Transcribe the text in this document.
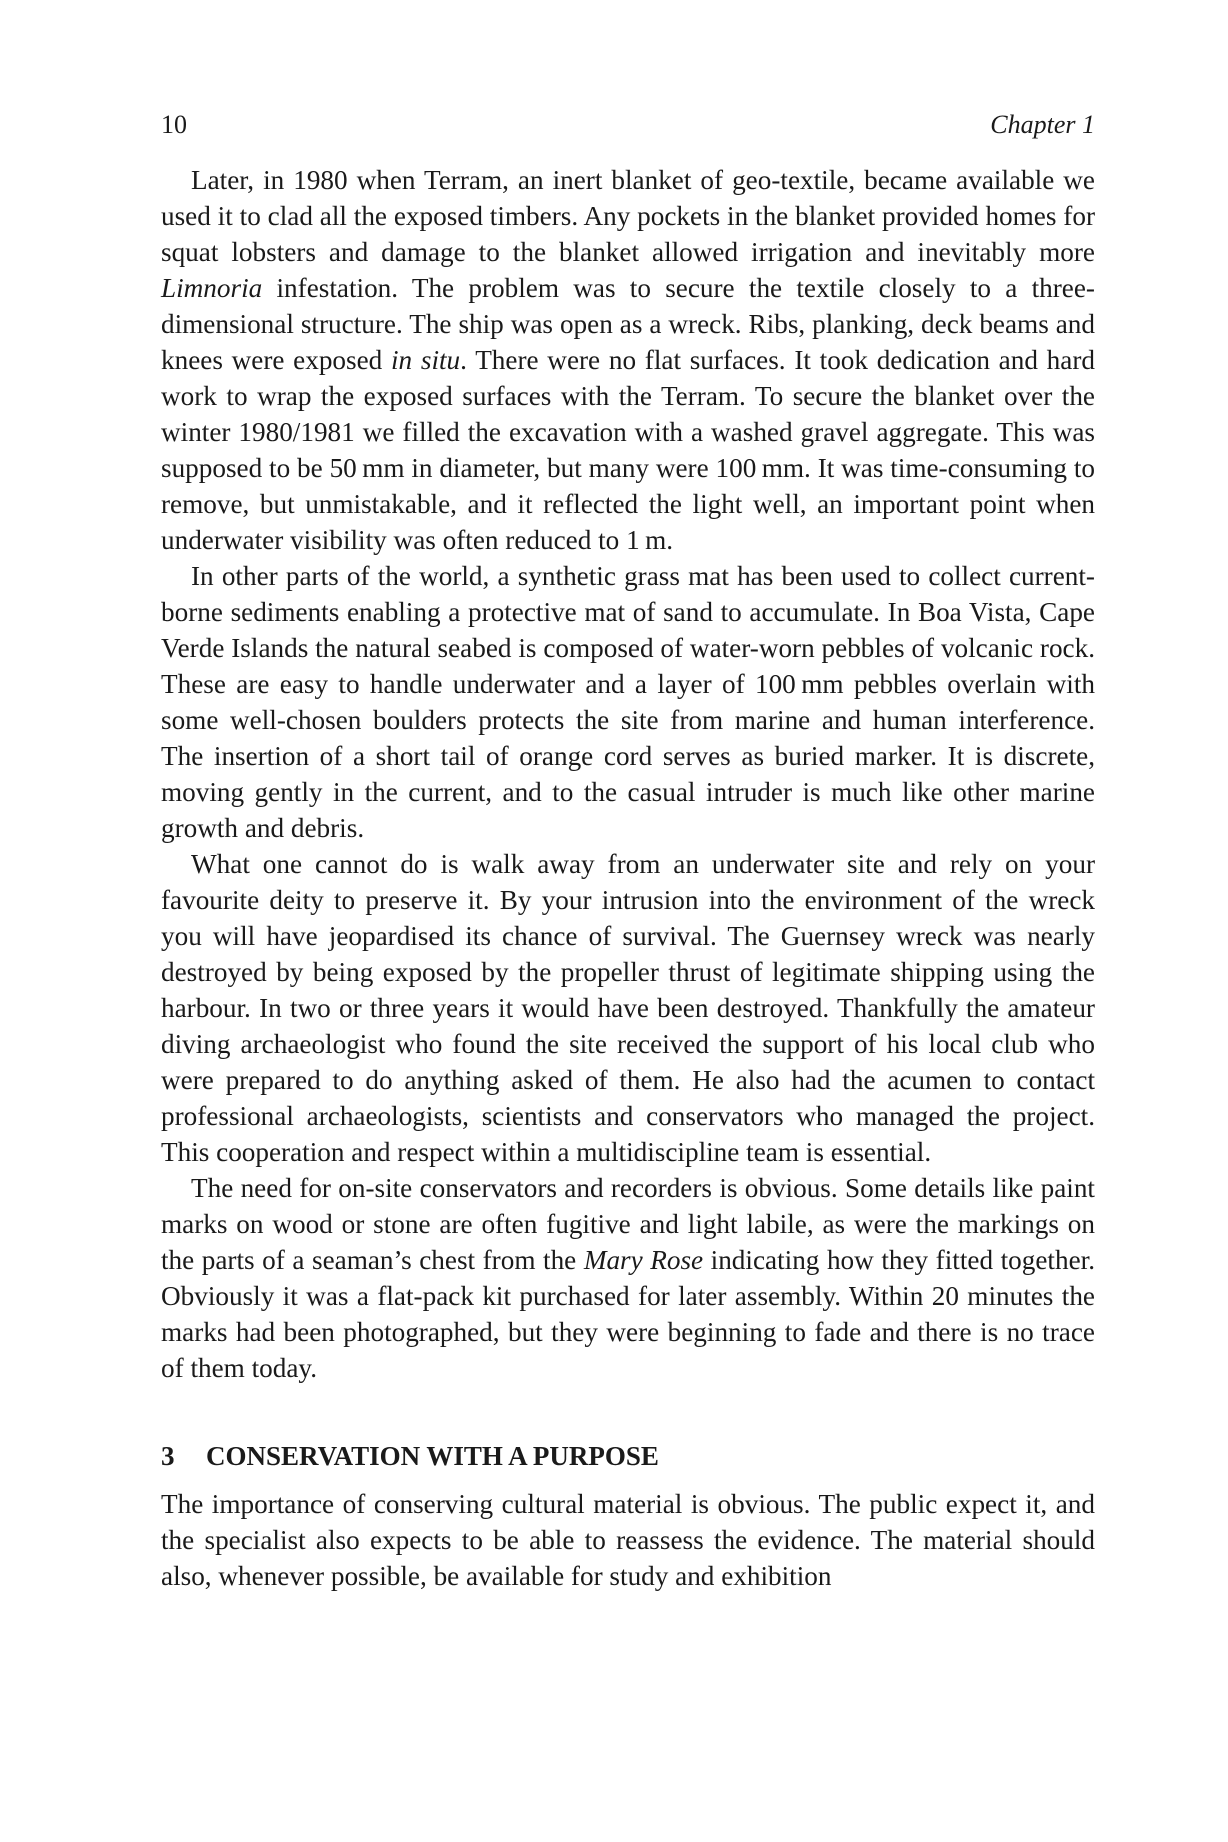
10	Chapter 1

Later, in 1980 when Terram, an inert blanket of geo-textile, became available we used it to clad all the exposed timbers. Any pockets in the blanket provided homes for squat lobsters and damage to the blanket allowed irrigation and inevitably more Limnoria infestation. The problem was to secure the textile closely to a three-dimensional structure. The ship was open as a wreck. Ribs, planking, deck beams and knees were exposed in situ. There were no flat surfaces. It took dedication and hard work to wrap the exposed surfaces with the Terram. To secure the blanket over the winter 1980/1981 we filled the excavation with a washed gravel aggregate. This was supposed to be 50 mm in diameter, but many were 100 mm. It was time-consuming to remove, but unmistakable, and it reflected the light well, an important point when underwater visibility was often reduced to 1 m.

In other parts of the world, a synthetic grass mat has been used to collect current-borne sediments enabling a protective mat of sand to accumulate. In Boa Vista, Cape Verde Islands the natural seabed is composed of water-worn pebbles of volcanic rock. These are easy to handle underwater and a layer of 100 mm pebbles overlain with some well-chosen boulders protects the site from marine and human interference. The insertion of a short tail of orange cord serves as buried marker. It is discrete, moving gently in the current, and to the casual intruder is much like other marine growth and debris.

What one cannot do is walk away from an underwater site and rely on your favourite deity to preserve it. By your intrusion into the environment of the wreck you will have jeopardised its chance of survival. The Guernsey wreck was nearly destroyed by being exposed by the propeller thrust of legitimate shipping using the harbour. In two or three years it would have been destroyed. Thankfully the amateur diving archaeologist who found the site received the support of his local club who were prepared to do anything asked of them. He also had the acumen to contact professional archaeologists, scientists and conservators who managed the project. This cooperation and respect within a multidiscipline team is essential.

The need for on-site conservators and recorders is obvious. Some details like paint marks on wood or stone are often fugitive and light labile, as were the markings on the parts of a seaman’s chest from the Mary Rose indicating how they fitted together. Obviously it was a flat-pack kit purchased for later assembly. Within 20 minutes the marks had been photographed, but they were beginning to fade and there is no trace of them today.

3 CONSERVATION WITH A PURPOSE

The importance of conserving cultural material is obvious. The public expect it, and the specialist also expects to be able to reassess the evidence. The material should also, whenever possible, be available for study and exhibition
